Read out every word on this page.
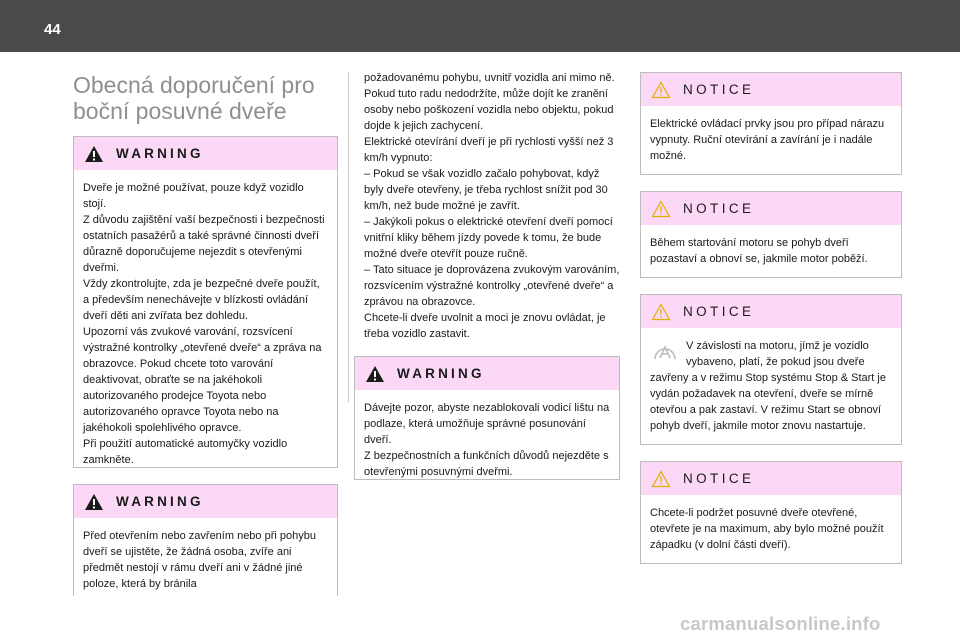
44
Obecná doporučení pro
boční posuvné dveře
WARNING
Dveře je možné používat, pouze když vozidlo stojí.
Z důvodu zajištění vaší bezpečnosti i bezpečnosti ostatních pasažérů a také správné činnosti dveří důrazně doporučujeme nejezdit s otevřenými dveřmi.
Vždy zkontrolujte, zda je bezpečné dveře použít, a především nenechávejte v blízkosti ovládání dveří děti ani zvířata bez dohledu.
Upozorní vás zvukové varování, rozsvícení výstražné kontrolky „otevřené dveře“ a zpráva na obrazovce. Pokud chcete toto varování deaktivovat, obraťte se na jakéhokoli autorizovaného prodejce Toyota nebo autorizovaného opravce Toyota nebo na jakéhokoli spolehlivého opravce.
Při použití automatické automyčky vozidlo zamkněte.
WARNING
Před otevřením nebo zavřením nebo při pohybu dveří se ujistěte, že žádná osoba, zvíře ani předmět nestojí v rámu dveří ani v žádné jiné poloze, která by bránila

požadovanému pohybu, uvnitř vozidla ani mimo ně.
Pokud tuto radu nedodržíte, může dojít ke zranění osoby nebo poškození vozidla nebo objektu, pokud dojde k jejich zachycení.
Elektrické otevírání dveří je při rychlosti vyšší než 3 km/h vypnuto:
– Pokud se však vozidlo začalo pohybovat, když byly dveře otevřeny, je třeba rychlost snížit pod 30 km/h, než bude možné je zavřít.
– Jakýkoli pokus o elektrické otevření dveří pomocí vnitřní kliky během jízdy povede k tomu, že bude možné dveře otevřít pouze ručně.
– Tato situace je doprovázena zvukovým varováním, rozsvícením výstražné kontrolky „otevřené dveře“ a zprávou na obrazovce.
Chcete-li dveře uvolnit a moci je znovu ovládat, je třeba vozidlo zastavit.

WARNING
Dávejte pozor, abyste nezablokovali vodicí lištu na podlaze, která umožňuje správné posunování dveří.
Z bezpečnostních a funkčních důvodů nejezděte s otevřenými posuvnými dveřmi.
NOTICE
Elektrické ovládací prvky jsou pro případ nárazu vypnuty. Ruční otevírání a zavírání je i nadále možné.
NOTICE
Během startování motoru se pohyb dveří pozastaví a obnoví se, jakmile motor poběží.
NOTICE
V závislosti na motoru, jímž je vozidlo vybaveno, platí, že pokud jsou dveře zavřeny a v režimu Stop systému Stop & Start je vydán požadavek na otevření, dveře se mírně otevřou a pak zastaví. V režimu Start se obnoví pohyb dveří, jakmile motor znovu nastartuje.
NOTICE
Chcete-li podržet posuvné dveře otevřené, otevřete je na maximum, aby bylo možné použít západku (v dolní části dveří).
carmanualsonline.info
